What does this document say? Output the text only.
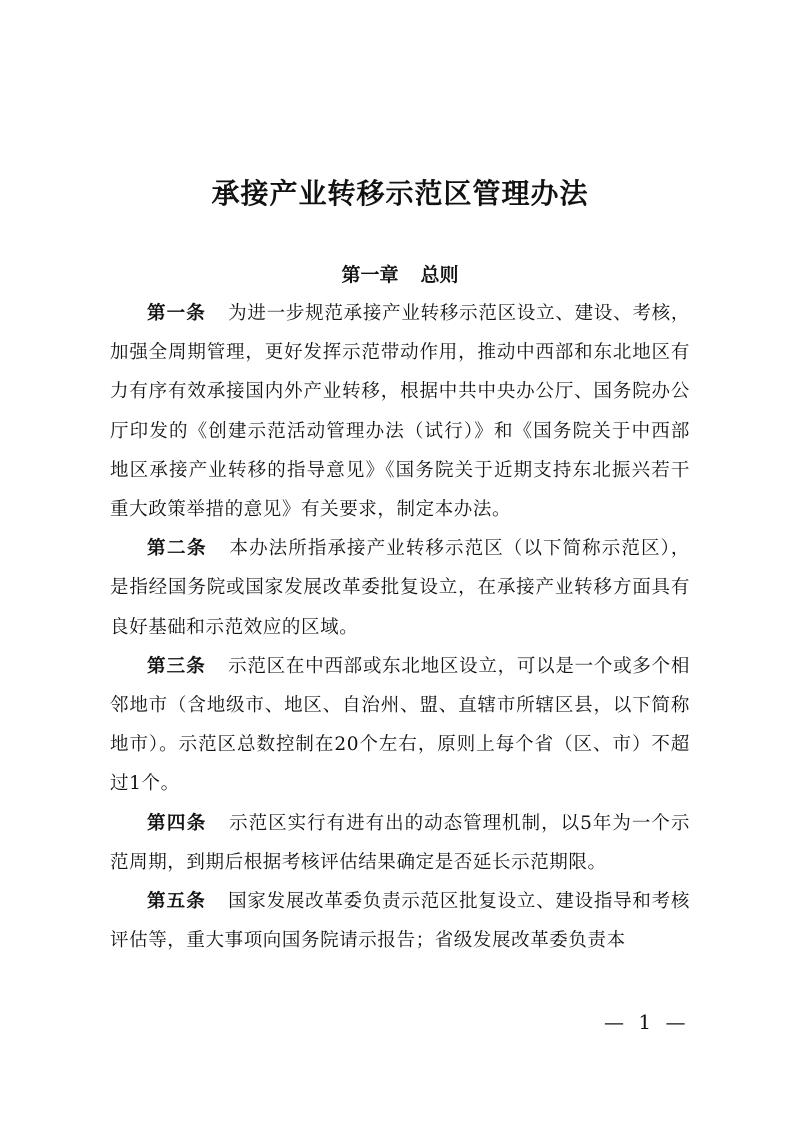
承接产业转移示范区管理办法
第一章 总则

第一条 为进一步规范承接产业转移示范区设立、建设、考核，加强全周期管理，更好发挥示范带动作用，推动中西部和东北地区有力有序有效承接国内外产业转移，根据中共中央办公厅、国务院办公厅印发的《创建示范活动管理办法（试行）》和《国务院关于中西部地区承接产业转移的指导意见》《国务院关于近期支持东北振兴若干重大政策举措的意见》有关要求，制定本办法。

第二条 本办法所指承接产业转移示范区（以下简称示范区），是指经国务院或国家发展改革委批复设立，在承接产业转移方面具有良好基础和示范效应的区域。

第三条 示范区在中西部或东北地区设立，可以是一个或多个相邻地市（含地级市、地区、自治州、盟、直辖市所辖区县，以下简称地市）。示范区总数控制在20个左右，原则上每个省（区、市）不超过1个。

第四条 示范区实行有进有出的动态管理机制，以5年为一个示范周期，到期后根据考核评估结果确定是否延长示范期限。

第五条 国家发展改革委负责示范区批复设立、建设指导和考核评估等，重大事项向国务院请示报告；省级发展改革委负责本

— 1 —
